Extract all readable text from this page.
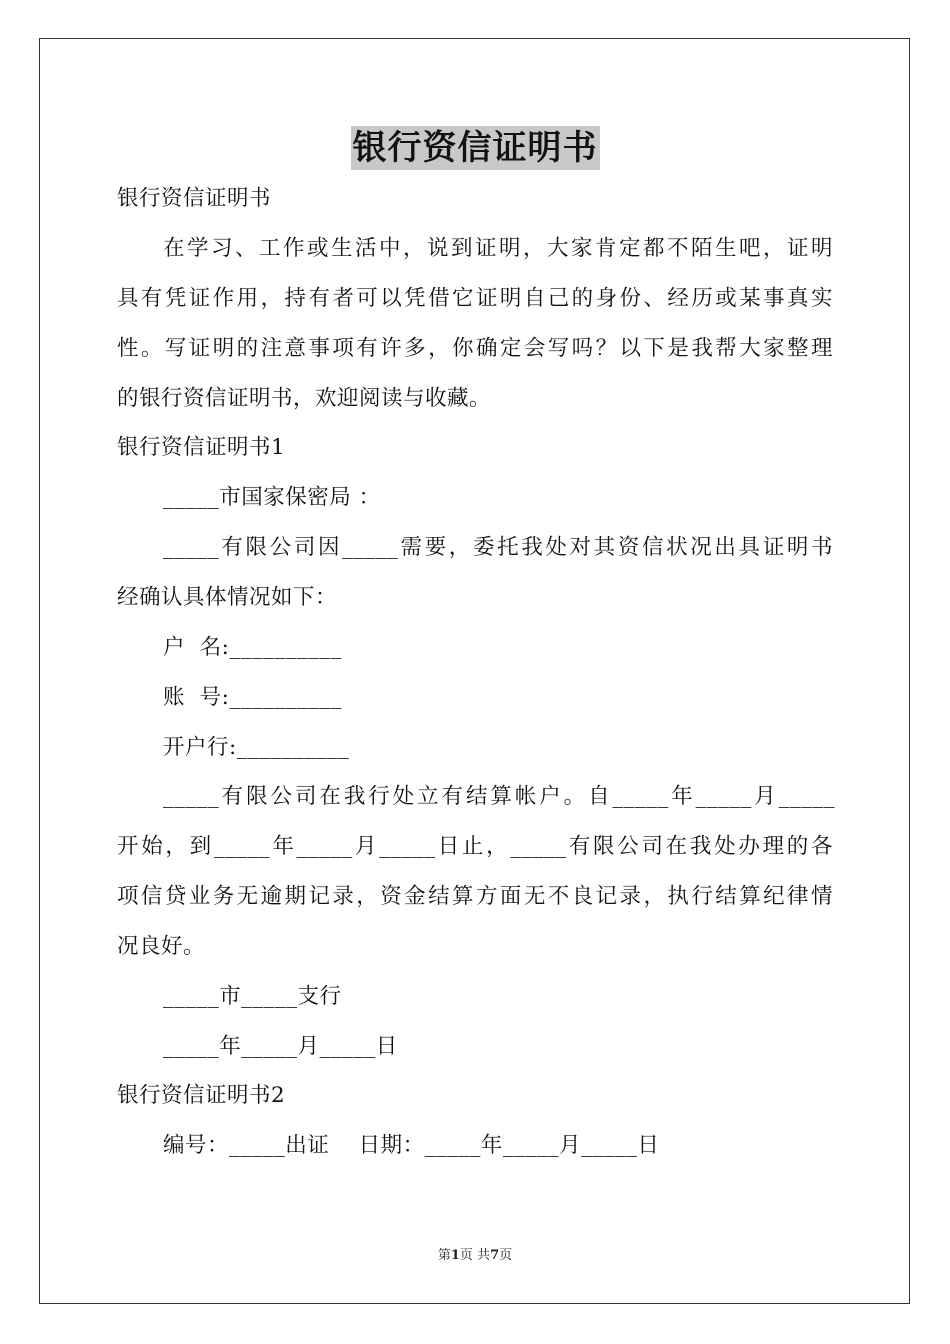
银行资信证明书
银行资信证明书
在学习、工作或生活中，说到证明，大家肯定都不陌生吧，证明
具有凭证作用，持有者可以凭借它证明自己的身份、经历或某事真实
性。写证明的注意事项有许多，你确定会写吗？以下是我帮大家整理
的银行资信证明书，欢迎阅读与收藏。
银行资信证明书1
_____市国家保密局 ：
_____有限公司因_____需要，委托我处对其资信状况出具证明书
经确认具体情况如下：
户  名:__________
账  号:__________
开户行:__________
_____有限公司在我行处立有结算帐户。自_____年_____月_____
开始，到_____年_____月_____日止，_____有限公司在我处办理的各
项信贷业务无逾期记录，资金结算方面无不良记录，执行结算纪律情
况良好。
_____市_____支行
_____年_____月_____日
银行资信证明书2
编号：_____出证    日期：_____年_____月_____日
第1页 共7页
